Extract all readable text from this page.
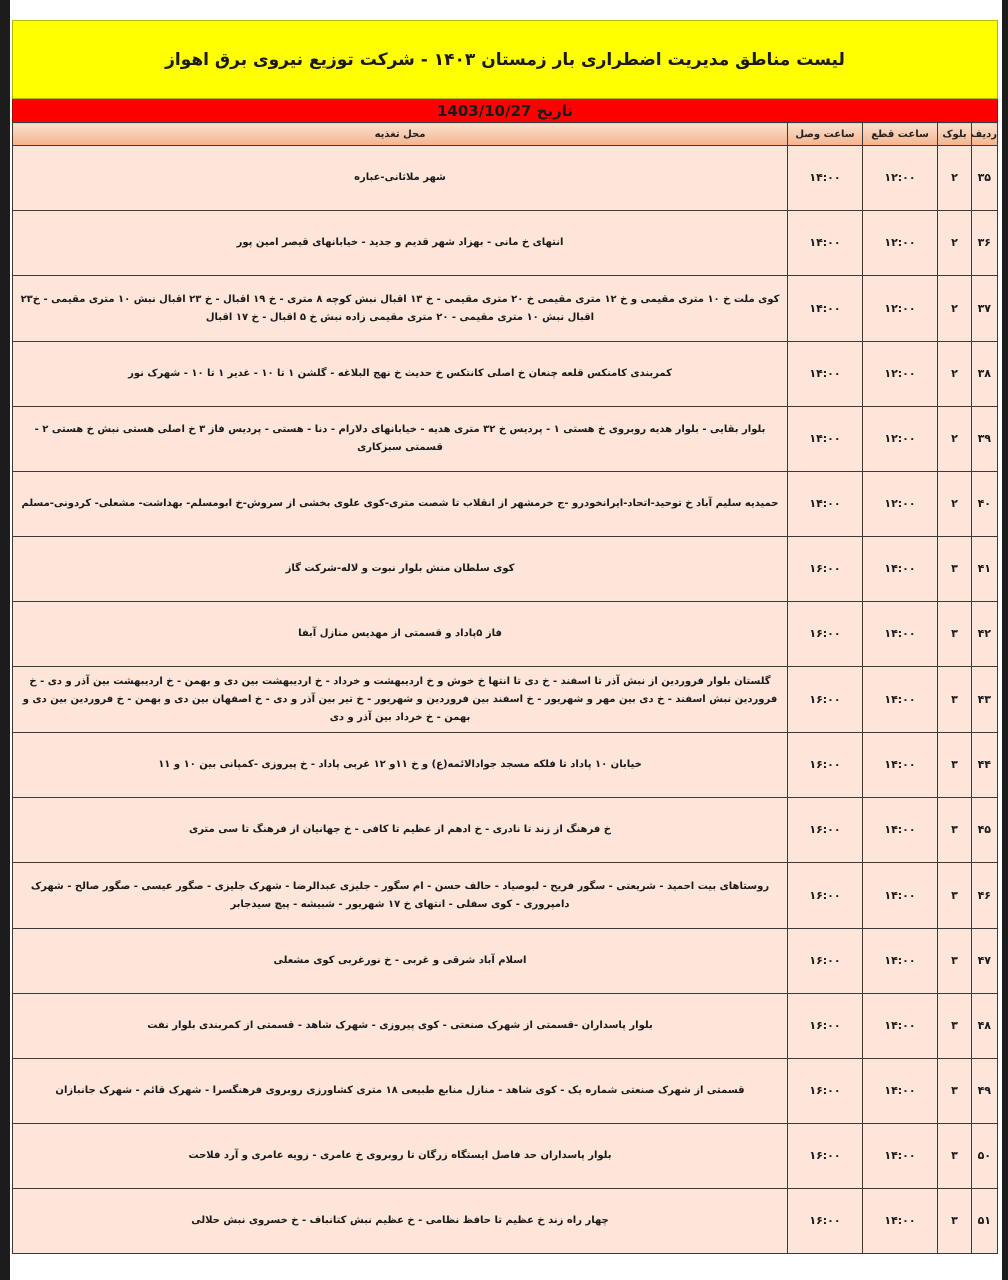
لیست مناطق مدیریت اضطراری بار زمستان ۱۴۰۳ - شرکت توزیع نیروی برق اهواز
تاریخ 1403/10/27
ردیف	بلوک	ساعت قطع	ساعت وصل	محل تغذیه
۳۵	۲	۱۲:۰۰	۱۴:۰۰	شهر ملاثانی-عباره
۳۶	۲	۱۲:۰۰	۱۴:۰۰	انتهای خ مانی - بهزاد شهر قدیم و جدید - خیابانهای قیصر امین پور
۳۷	۲	۱۲:۰۰	۱۴:۰۰	کوی ملت خ ۱۰ متری مقیمی و خ ۱۲ متری مقیمی خ ۲۰ متری مقیمی - خ ۱۳ اقبال نبش کوچه ۸ متری - خ ۱۹ اقبال - خ ۲۳ اقبال نبش ۱۰ متری مقیمی - خ۲۳ اقبال نبش ۱۰ متری مقیمی - ۲۰ متری مقیمی زاده نبش خ ۵ اقبال - خ ۱۷ اقبال
۳۸	۲	۱۲:۰۰	۱۴:۰۰	کمربندی کامنکس قلعه چنعان خ اصلی کانتکس خ حدیث خ نهج البلاغه - گلشن ۱ تا ۱۰ - غدیر ۱ تا ۱۰ - شهرک نور
۳۹	۲	۱۲:۰۰	۱۴:۰۰	بلوار بقایی - بلوار هدیه روبروی خ هستی ۱ - پردیس خ ۳۲ متری هدیه - خیابانهای دلارام - دنا - هستی - پردیس فاز ۳ خ اصلی هستی نبش خ هستی ۲ - قسمتی سبزکاری
۴۰	۲	۱۲:۰۰	۱۴:۰۰	حمیدیه سلیم آباد خ توحید-اتحاد-ایرانخودرو -ج خرمشهر از انقلاب تا شصت متری-کوی علوی بخشی از سروش-خ ابومسلم- بهداشت- مشعلی- کردونی-مسلم
۴۱	۳	۱۴:۰۰	۱۶:۰۰	کوی سلطان منش بلوار نبوت و لاله-شرکت گاز
۴۲	۳	۱۴:۰۰	۱۶:۰۰	فاز ۵پاداد و قسمتی از مهدیس منازل آبفا
۴۳	۳	۱۴:۰۰	۱۶:۰۰	گلستان بلوار فروردین از نبش آذر تا اسفند - خ دی تا انتها خ خوش و خ اردیبهشت و خرداد - خ اردیبهشت بین دی و بهمن - خ اردیبهشت بین آذر و دی - خ فروردین نبش اسفند - خ دی بین مهر و شهریور - خ اسفند بین فروردین و شهریور - خ تیر بین آذر و دی - خ اصفهان بین دی و بهمن - خ فروردین بین دی و بهمن - خ خرداد بین آذر و دی
۴۴	۳	۱۴:۰۰	۱۶:۰۰	خیابان ۱۰ پاداد تا فلکه مسجد جوادالائمه(ع) و خ ۱۱و ۱۲ غربی پاداد - خ پیروزی -کمپانی بین ۱۰ و ۱۱
۴۵	۳	۱۴:۰۰	۱۶:۰۰	خ فرهنگ از زند تا نادری - خ ادهم از عظیم تا کافی - خ جهانیان از فرهنگ تا سی متری
۴۶	۳	۱۴:۰۰	۱۶:۰۰	روستاهای بیت احمید - شریعتی - سگور فریح - لبوصیاد - حالف حسن - ام سگور - جلیزی عبدالرضا - شهرک جلیزی - صگور عیسی - صگور صالح - شهرک دامپروری - کوی سفلی - انتهای خ ۱۷ شهریور - شبیشه - پیچ سیدجابر
۴۷	۳	۱۴:۰۰	۱۶:۰۰	اسلام آباد شرقی و غربی - خ نورغربی کوی مشعلی
۴۸	۳	۱۴:۰۰	۱۶:۰۰	بلوار پاسداران -قسمتی از شهرک صنعتی - کوی پیروزی - شهرک شاهد - قسمتی از کمربندی بلوار نفت
۴۹	۳	۱۴:۰۰	۱۶:۰۰	قسمتی از شهرک صنعتی شماره یک - کوی شاهد - منازل منابع طبیعی ۱۸ متری کشاورزی روبروی فرهنگسرا - شهرک قائم - شهرک جانبازان
۵۰	۳	۱۴:۰۰	۱۶:۰۰	بلوار پاسداران حد فاصل ایستگاه زرگان تا روبروی خ عامری - زویه عامری و آرد فلاحت
۵۱	۳	۱۴:۰۰	۱۶:۰۰	چهار راه زند خ عظیم تا حافظ نظامی - خ عظیم نبش کتانباف - خ خسروی نبش حلالی
